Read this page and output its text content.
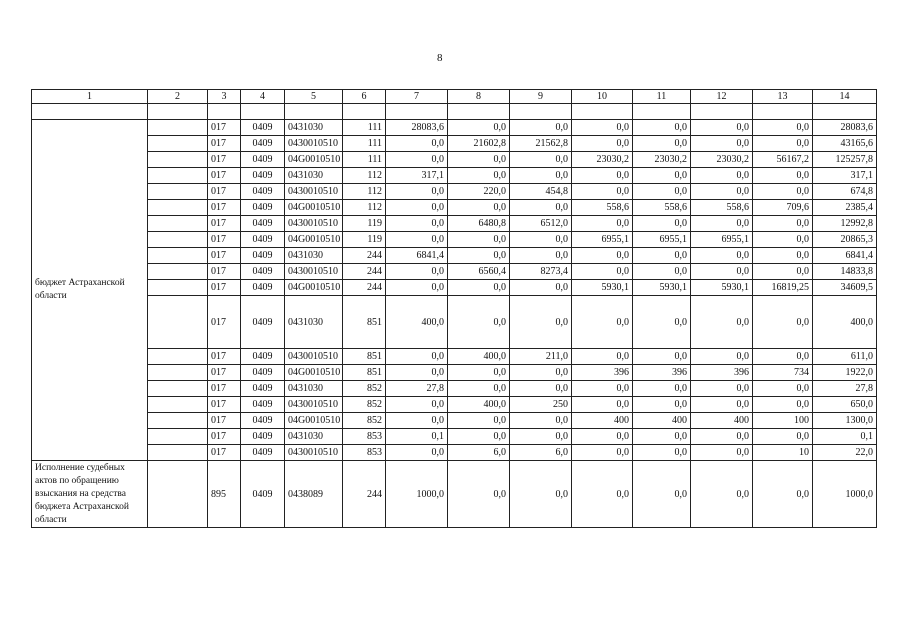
8
1	2	3	4	5	6	7	8	9	10	11	12	13	14

бюджет Астраханской области		017	0409	0431030	111	28083,6	0,0	0,0	0,0	0,0	0,0	0,0	28083,6
		017	0409	0430010510	111	0,0	21602,8	21562,8	0,0	0,0	0,0	0,0	43165,6
		017	0409	04G0010510	111	0,0	0,0	0,0	23030,2	23030,2	23030,2	56167,2	125257,8
		017	0409	0431030	112	317,1	0,0	0,0	0,0	0,0	0,0	0,0	317,1
		017	0409	0430010510	112	0,0	220,0	454,8	0,0	0,0	0,0	0,0	674,8
		017	0409	04G0010510	112	0,0	0,0	0,0	558,6	558,6	558,6	709,6	2385,4
		017	0409	0430010510	119	0,0	6480,8	6512,0	0,0	0,0	0,0	0,0	12992,8
		017	0409	04G0010510	119	0,0	0,0	0,0	6955,1	6955,1	6955,1	0,0	20865,3
		017	0409	0431030	244	6841,4	0,0	0,0	0,0	0,0	0,0	0,0	6841,4
		017	0409	0430010510	244	0,0	6560,4	8273,4	0,0	0,0	0,0	0,0	14833,8
		017	0409	04G0010510	244	0,0	0,0	0,0	5930,1	5930,1	5930,1	16819,25	34609,5
		017	0409	0431030	851	400,0	0,0	0,0	0,0	0,0	0,0	0,0	400,0
		017	0409	0430010510	851	0,0	400,0	211,0	0,0	0,0	0,0	0,0	611,0
		017	0409	04G0010510	851	0,0	0,0	0,0	396	396	396	734	1922,0
		017	0409	0431030	852	27,8	0,0	0,0	0,0	0,0	0,0	0,0	27,8
		017	0409	0430010510	852	0,0	400,0	250	0,0	0,0	0,0	0,0	650,0
		017	0409	04G0010510	852	0,0	0,0	0,0	400	400	400	100	1300,0
		017	0409	0431030	853	0,1	0,0	0,0	0,0	0,0	0,0	0,0	0,1
		017	0409	0430010510	853	0,0	6,0	6,0	0,0	0,0	0,0	10	22,0
Исполнение судебных актов по обращению взыскания на средства бюджета Астраханской области		895	0409	0438089	244	1000,0	0,0	0,0	0,0	0,0	0,0	0,0	1000,0
